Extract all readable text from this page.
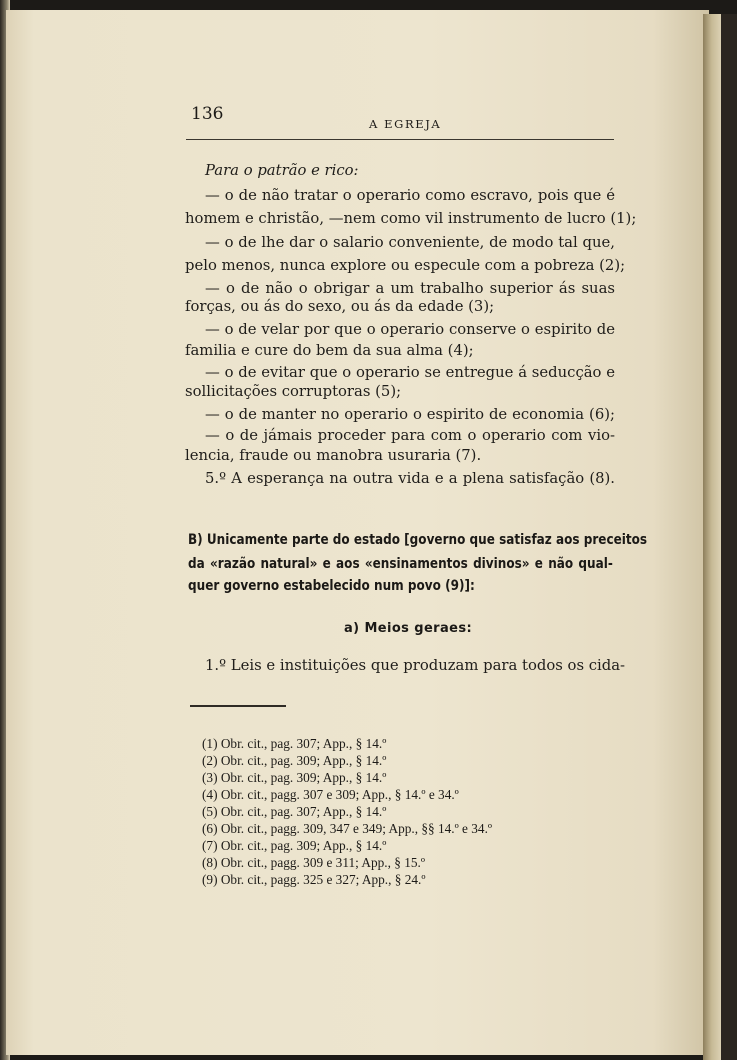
136	A EGREJA
Para o patrão e rico:
— o de não tratar o operario como escravo, pois que é
homem e christão, —nem como vil instrumento de lucro (1);
— o de lhe dar o salario conveniente, de modo tal que,
pelo menos, nunca explore ou especule com a pobreza (2);
— o de não o obrigar a um trabalho superior ás suas
forças, ou ás do sexo, ou ás da edade (3);
— o de velar por que o operario conserve o espirito de
familia e cure do bem da sua alma (4);
— o de evitar que o operario se entregue á seducção e
sollicitações corruptoras (5);
— o de manter no operario o espirito de economia (6);
— o de jámais proceder para com o operario com vio-
lencia, fraude ou manobra usuraria (7).
5.º A esperança na outra vida e a plena satisfação (8).
B) Unicamente parte do estado [governo que satisfaz aos preceitos
da «razão natural» e aos «ensinamentos divinos» e não qual-
quer governo estabelecido num povo (9)]:
a) Meios geraes:
1.º Leis e instituições que produzam para todos os cida-
(1) Obr. cit., pag. 307; App., § 14.º
(2) Obr. cit., pag. 309; App., § 14.º
(3) Obr. cit., pag. 309; App., § 14.º
(4) Obr. cit., pagg. 307 e 309; App., § 14.º e 34.º
(5) Obr. cit., pag. 307; App., § 14.º
(6) Obr. cit., pagg. 309, 347 e 349; App., §§ 14.º e 34.º
(7) Obr. cit., pag. 309; App., § 14.º
(8) Obr. cit., pagg. 309 e 311; App., § 15.º
(9) Obr. cit., pagg. 325 e 327; App., § 24.º
